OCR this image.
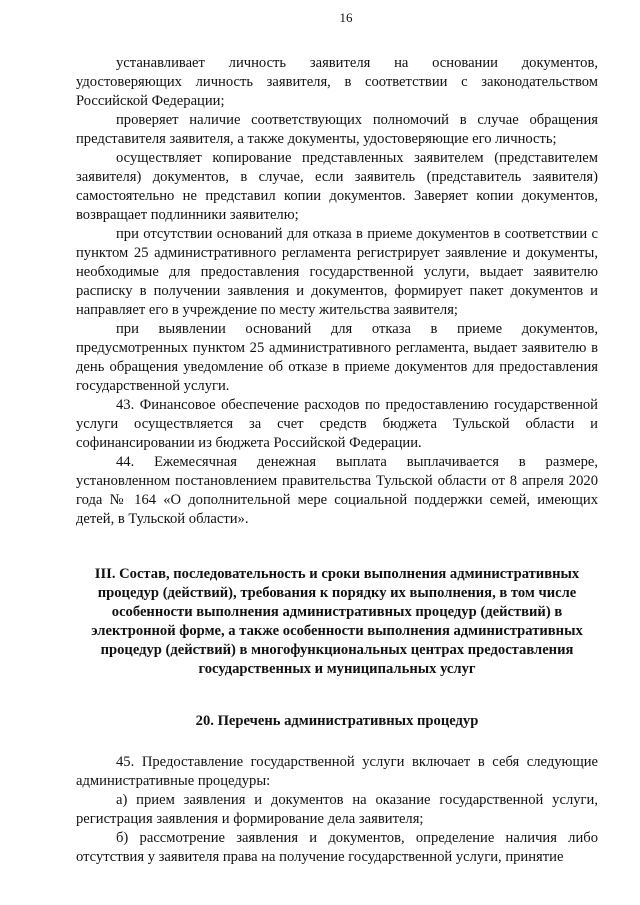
16

устанавливает личность заявителя на основании документов, удостоверяющих личность заявителя, в соответствии с законодательством Российской Федерации;

проверяет наличие соответствующих полномочий в случае обращения представителя заявителя, а также документы, удостоверяющие его личность;

осуществляет копирование представленных заявителем (представителем заявителя) документов, в случае, если заявитель (представитель заявителя) самостоятельно не представил копии документов. Заверяет копии документов, возвращает подлинники заявителю;

при отсутствии оснований для отказа в приеме документов в соответствии с пунктом 25 административного регламента регистрирует заявление и документы, необходимые для предоставления государственной услуги, выдает заявителю расписку в получении заявления и документов, формирует пакет документов и направляет его в учреждение по месту жительства заявителя;

при выявлении оснований для отказа в приеме документов, предусмотренных пунктом 25 административного регламента, выдает заявителю в день обращения уведомление об отказе в приеме документов для предоставления государственной услуги.

43. Финансовое обеспечение расходов по предоставлению государственной услуги осуществляется за счет средств бюджета Тульской области и софинансировании из бюджета Российской Федерации.

44. Ежемесячная денежная выплата выплачивается в размере, установленном постановлением правительства Тульской области от 8 апреля 2020 года № 164 «О дополнительной мере социальной поддержки семей, имеющих детей, в Тульской области».

III. Состав, последовательность и сроки выполнения административных
процедур (действий), требования к порядку их выполнения, в том числе
особенности выполнения административных процедур (действий) в
электронной форме, а также особенности выполнения административных
процедур (действий) в многофункциональных центрах предоставления
государственных и муниципальных услуг
20. Перечень административных процедур

45. Предоставление государственной услуги включает в себя следующие административные процедуры:

а) прием заявления и документов на оказание государственной услуги, регистрация заявления и формирование дела заявителя;

б) рассмотрение заявления и документов, определение наличия либо отсутствия у заявителя права на получение государственной услуги, принятие
